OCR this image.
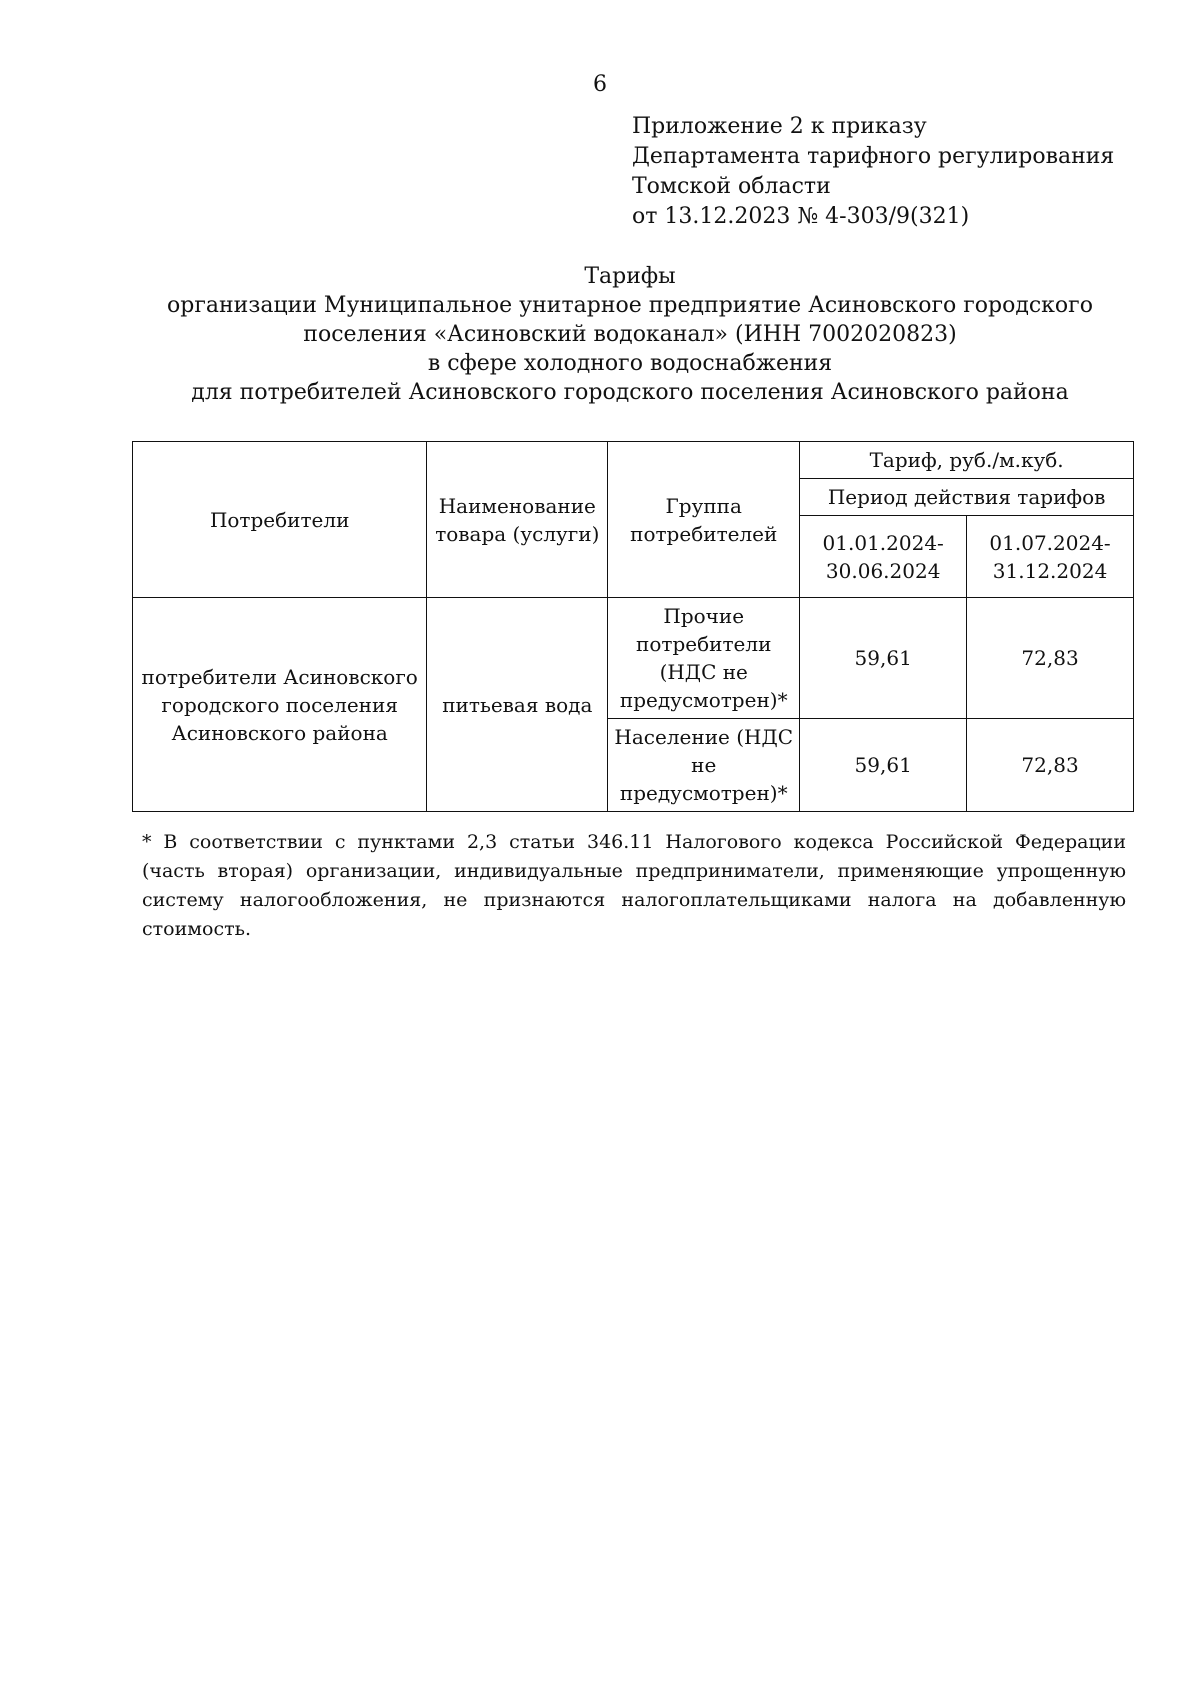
6
Приложение 2 к приказу
Департамента тарифного регулирования
Томской области
от 13.12.2023 № 4-303/9(321)
Тарифы
организации Муниципальное унитарное предприятие Асиновского городского
поселения «Асиновский водоканал» (ИНН 7002020823)
в сфере холодного водоснабжения
для потребителей Асиновского городского поселения Асиновского района
Потребители	Наименование товара (услуги)	Группа потребителей	Тариф, руб./м.куб.	
			Период действия тарифов	
			01.01.2024-30.06.2024	01.07.2024-31.12.2024
потребители Асиновского городского поселения Асиновского района	питьевая вода	Прочие потребители (НДС не предусмотрен)*	59,61	72,83
		Население (НДС не предусмотрен)*	59,61	72,83
* В соответствии с пунктами 2,3 статьи 346.11 Налогового кодекса Российской Федерации (часть вторая) организации, индивидуальные предприниматели, применяющие упрощенную систему налогообложения, не признаются налогоплательщиками налога на добавленную стоимость.
